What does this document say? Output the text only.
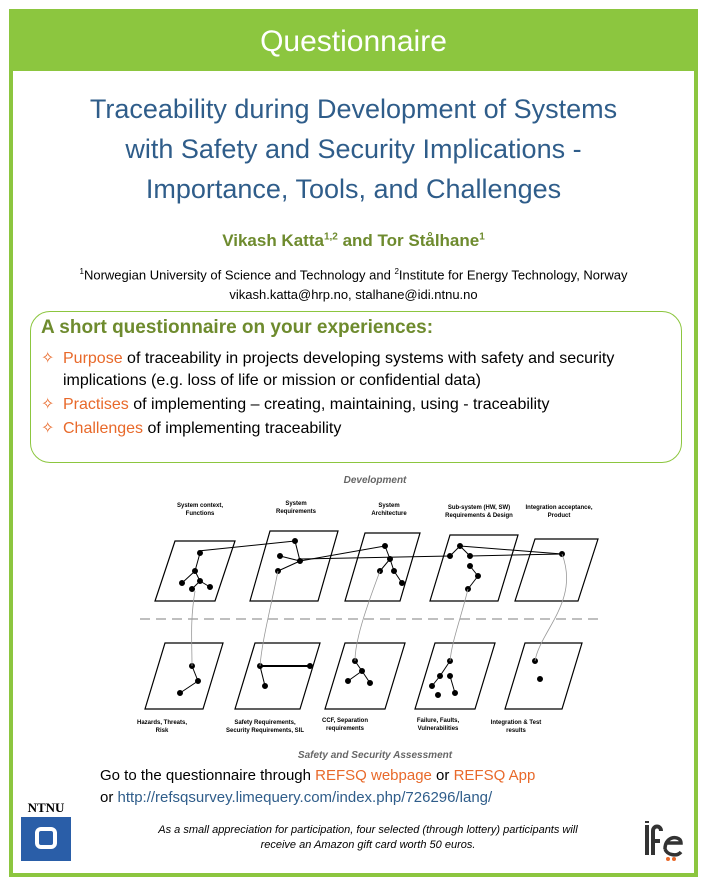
Questionnaire
Traceability during Development of Systems
with Safety and Security Implications -
Importance, Tools, and Challenges
Vikash Katta$^{1,2}$ and Tor Stålhane$^1$
$^1$Norwegian University of Science and Technology and $^2$Institute for Energy Technology, Norway
vikash.katta@hrp.no, stalhane@idi.ntnu.no
A short questionnaire on your experiences:
✧ Purpose of traceability in projects developing systems with safety and security implications (e.g. loss of life or mission or confidential data)
✧ Practises of implementing – creating, maintaining, using - traceability
✧ Challenges of implementing traceability
Development
System context, Functions
System Requirements
System Architecture
Sub-system (HW, SW) Requirements & Design
Integration acceptance, Product
Hazards, Threats, Risk
Safety Requirements, Security Requirements, SIL
CCF, Separation requirements
Failure, Faults, Vulnerabilities
Integration & Test results
Safety and Security Assessment
Go to the questionnaire through REFSQ webpage or REFSQ App
or http://refsqsurvey.limequery.com/index.php/726296/lang/
As a small appreciation for participation, four selected (through lottery) participants will
receive an Amazon gift card worth 50 euros.
NTNU
